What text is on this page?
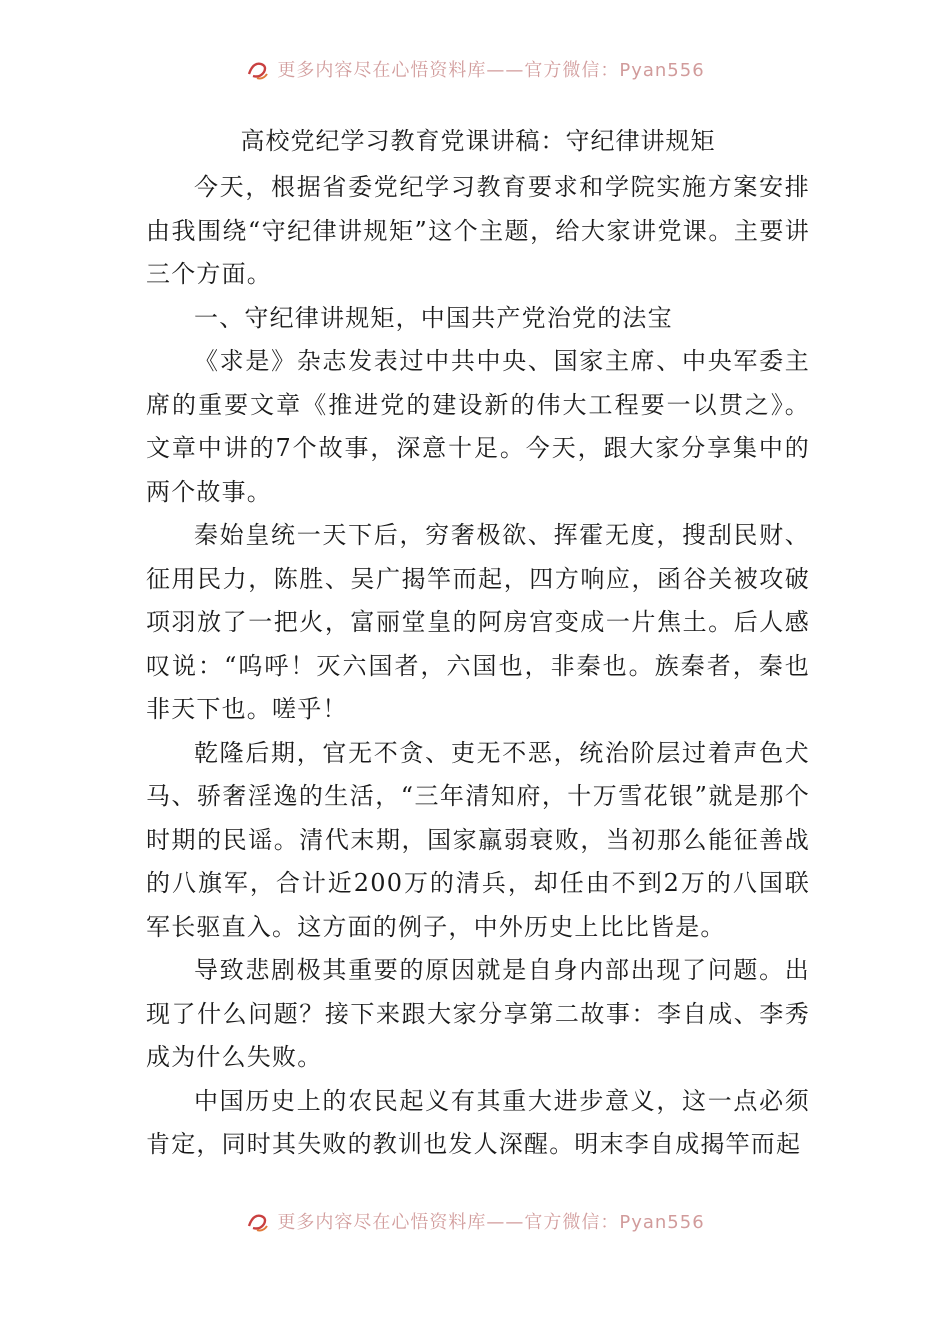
更多内容尽在心悟资料库——官方微信：Pyan556
高校党纪学习教育党课讲稿：守纪律讲规矩

今天，根据省委党纪学习教育要求和学院实施方案安排由我围绕“守纪律讲规矩”这个主题，给大家讲党课。主要讲三个方面。

一、守纪律讲规矩，中国共产党治党的法宝

《求是》杂志发表过中共中央、国家主席、中央军委主席的重要文章《推进党的建设新的伟大工程要一以贯之》。文章中讲的7个故事，深意十足。今天，跟大家分享集中的两个故事。

秦始皇统一天下后，穷奢极欲、挥霍无度，搜刮民财、征用民力，陈胜、吴广揭竿而起，四方响应，函谷关被攻破项羽放了一把火，富丽堂皇的阿房宫变成一片焦土。后人感叹说：“呜呼！灭六国者，六国也，非秦也。族秦者，秦也非天下也。嗟乎！

乾隆后期，官无不贪、吏无不恶，统治阶层过着声色犬马、骄奢淫逸的生活，“三年清知府，十万雪花银”就是那个时期的民谣。清代末期，国家羸弱衰败，当初那么能征善战的八旗军，合计近200万的清兵，却任由不到2万的八国联军长驱直入。这方面的例子，中外历史上比比皆是。

导致悲剧极其重要的原因就是自身内部出现了问题。出现了什么问题？接下来跟大家分享第二故事：李自成、李秀成为什么失败。

中国历史上的农民起义有其重大进步意义，这一点必须肯定，同时其失败的教训也发人深醒。明末李自成揭竿而起

更多内容尽在心悟资料库——官方微信：Pyan556
